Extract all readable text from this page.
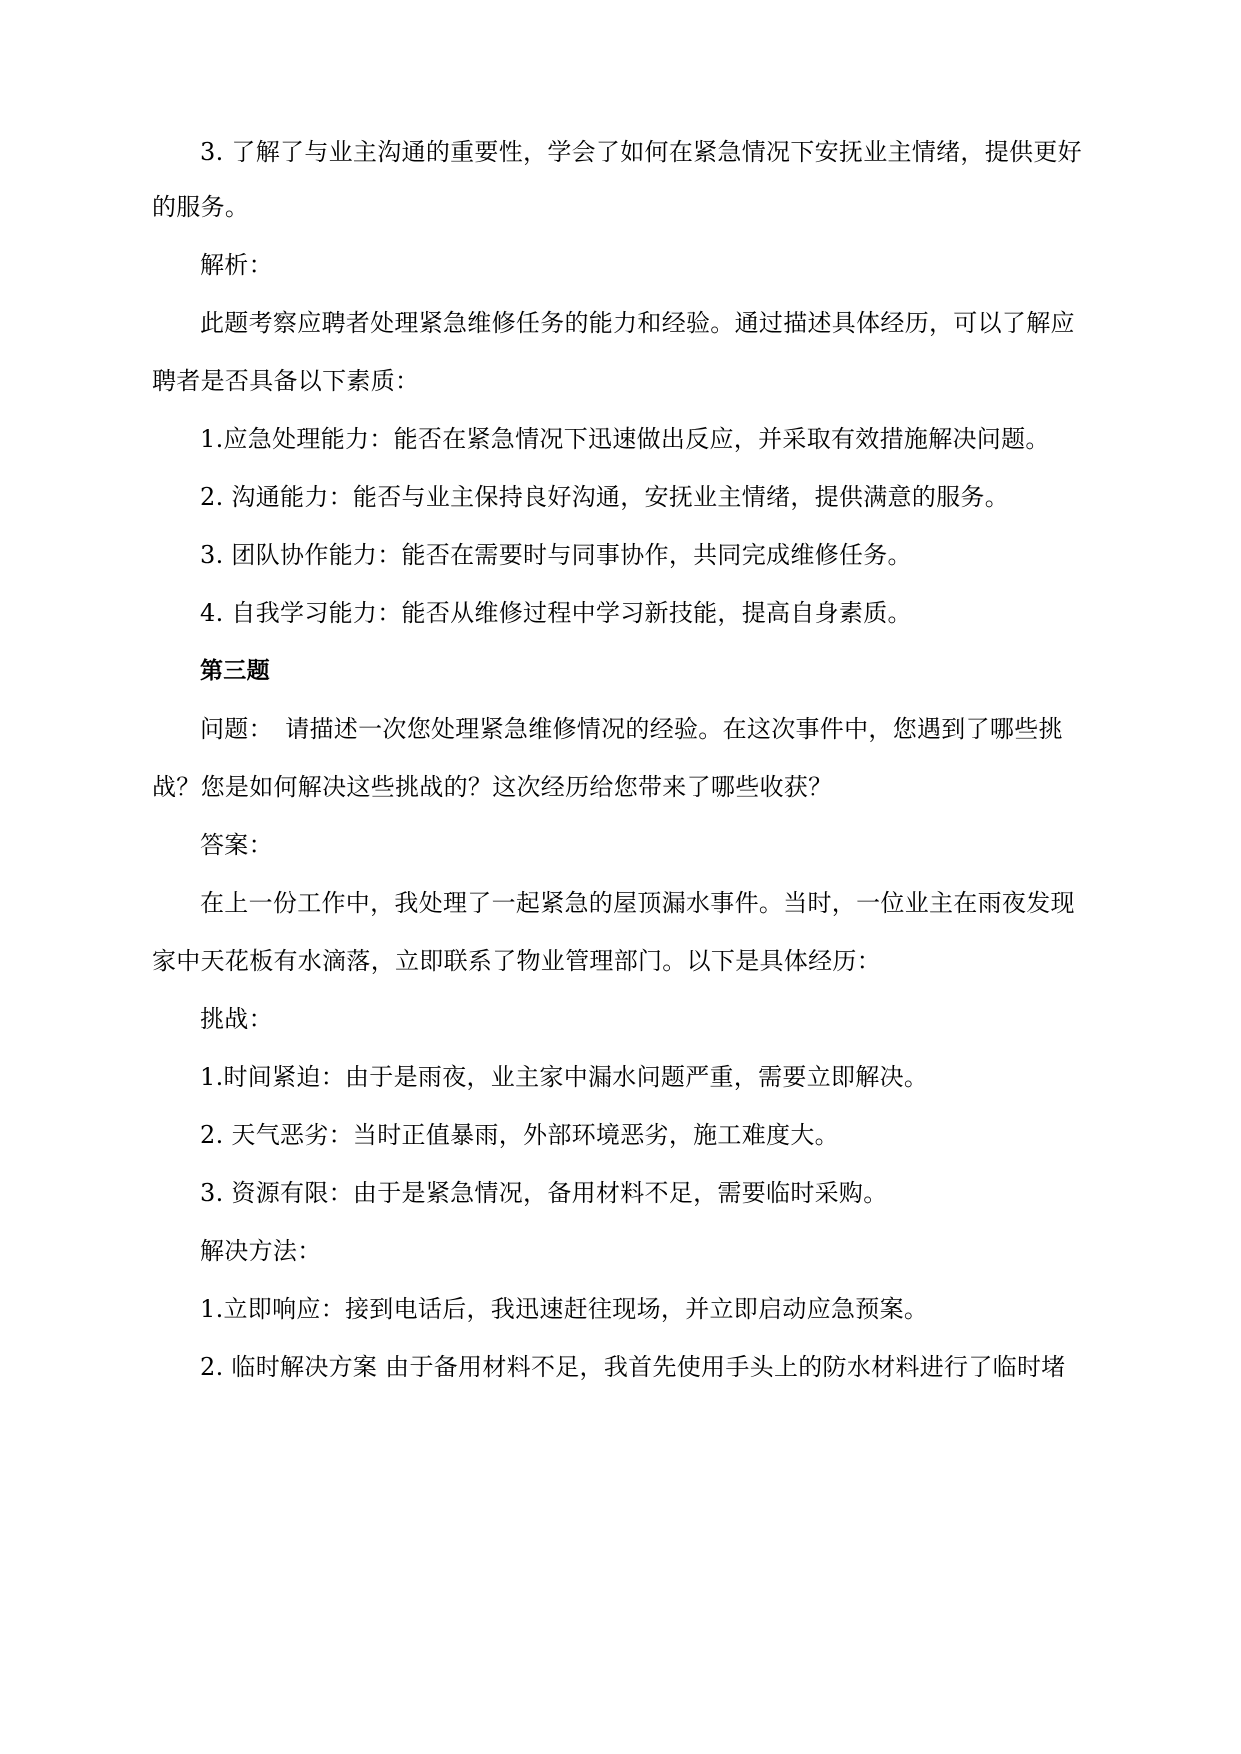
3. 了解了与业主沟通的重要性，学会了如何在紧急情况下安抚业主情绪，提供更好
的服务。
解析：
此题考察应聘者处理紧急维修任务的能力和经验。通过描述具体经历，可以了解应
聘者是否具备以下素质：
1.应急处理能力：能否在紧急情况下迅速做出反应，并采取有效措施解决问题。
2. 沟通能力：能否与业主保持良好沟通，安抚业主情绪，提供满意的服务。
3. 团队协作能力：能否在需要时与同事协作，共同完成维修任务。
4. 自我学习能力：能否从维修过程中学习新技能，提高自身素质。
第三题
问题：　请描述一次您处理紧急维修情况的经验。在这次事件中，您遇到了哪些挑
战？您是如何解决这些挑战的？这次经历给您带来了哪些收获？
答案：
在上一份工作中，我处理了一起紧急的屋顶漏水事件。当时，一位业主在雨夜发现
家中天花板有水滴落，立即联系了物业管理部门。以下是具体经历：
挑战：
1.时间紧迫：由于是雨夜，业主家中漏水问题严重，需要立即解决。
2. 天气恶劣：当时正值暴雨，外部环境恶劣，施工难度大。
3. 资源有限：由于是紧急情况，备用材料不足，需要临时采购。
解决方法：
1.立即响应：接到电话后，我迅速赶往现场，并立即启动应急预案。
2. 临时解决方案 由于备用材料不足，我首先使用手头上的防水材料进行了临时堵
